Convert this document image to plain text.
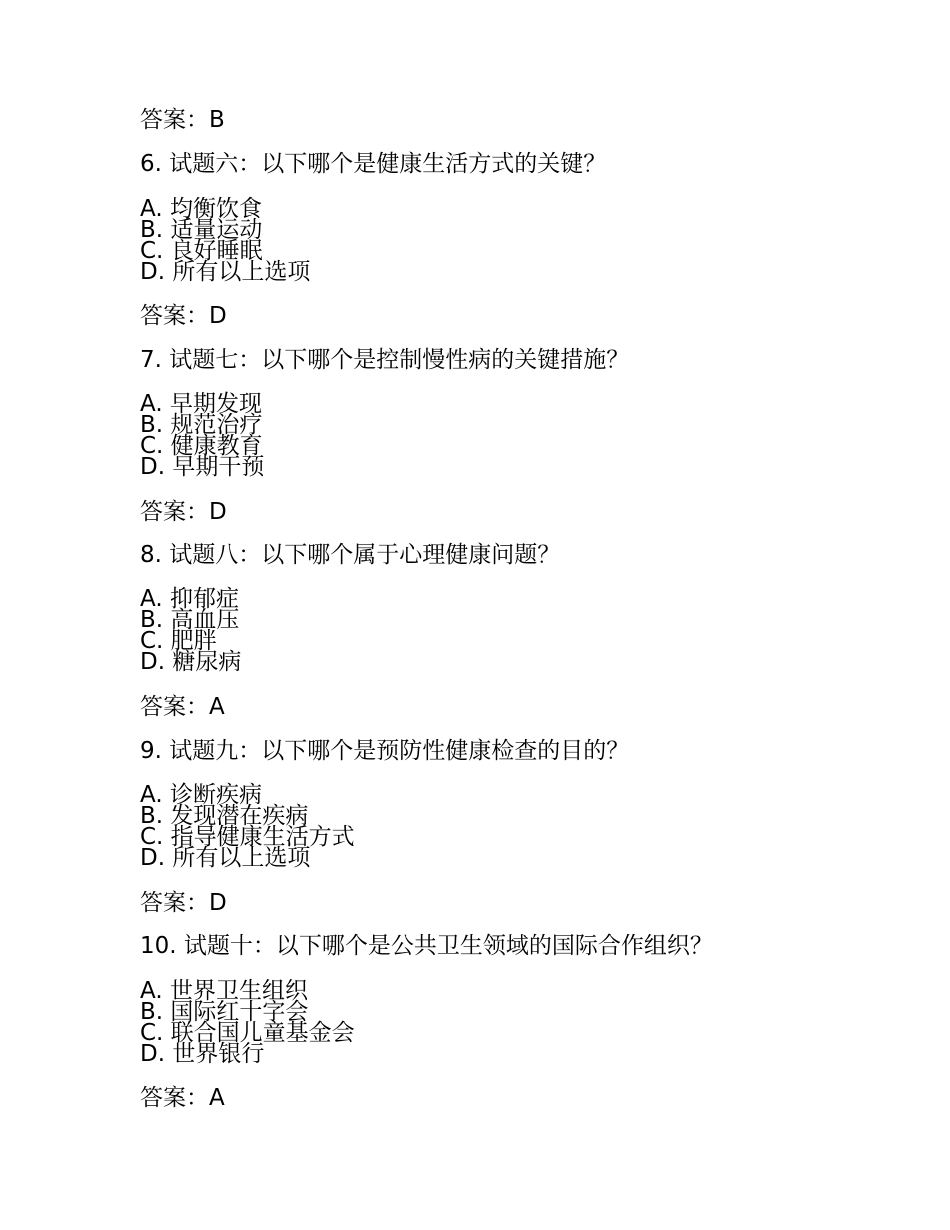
答案：B
6. 试题六：以下哪个是健康生活方式的关键？
A. 均衡饮食
B. 适量运动
C. 良好睡眠
D. 所有以上选项
答案：D
7. 试题七：以下哪个是控制慢性病的关键措施？
A. 早期发现
B. 规范治疗
C. 健康教育
D. 早期干预
答案：D
8. 试题八：以下哪个属于心理健康问题？
A. 抑郁症
B. 高血压
C. 肥胖
D. 糖尿病
答案：A
9. 试题九：以下哪个是预防性健康检查的目的？
A. 诊断疾病
B. 发现潜在疾病
C. 指导健康生活方式
D. 所有以上选项
答案：D
10. 试题十：以下哪个是公共卫生领域的国际合作组织？
A. 世界卫生组织
B. 国际红十字会
C. 联合国儿童基金会
D. 世界银行
答案：A
